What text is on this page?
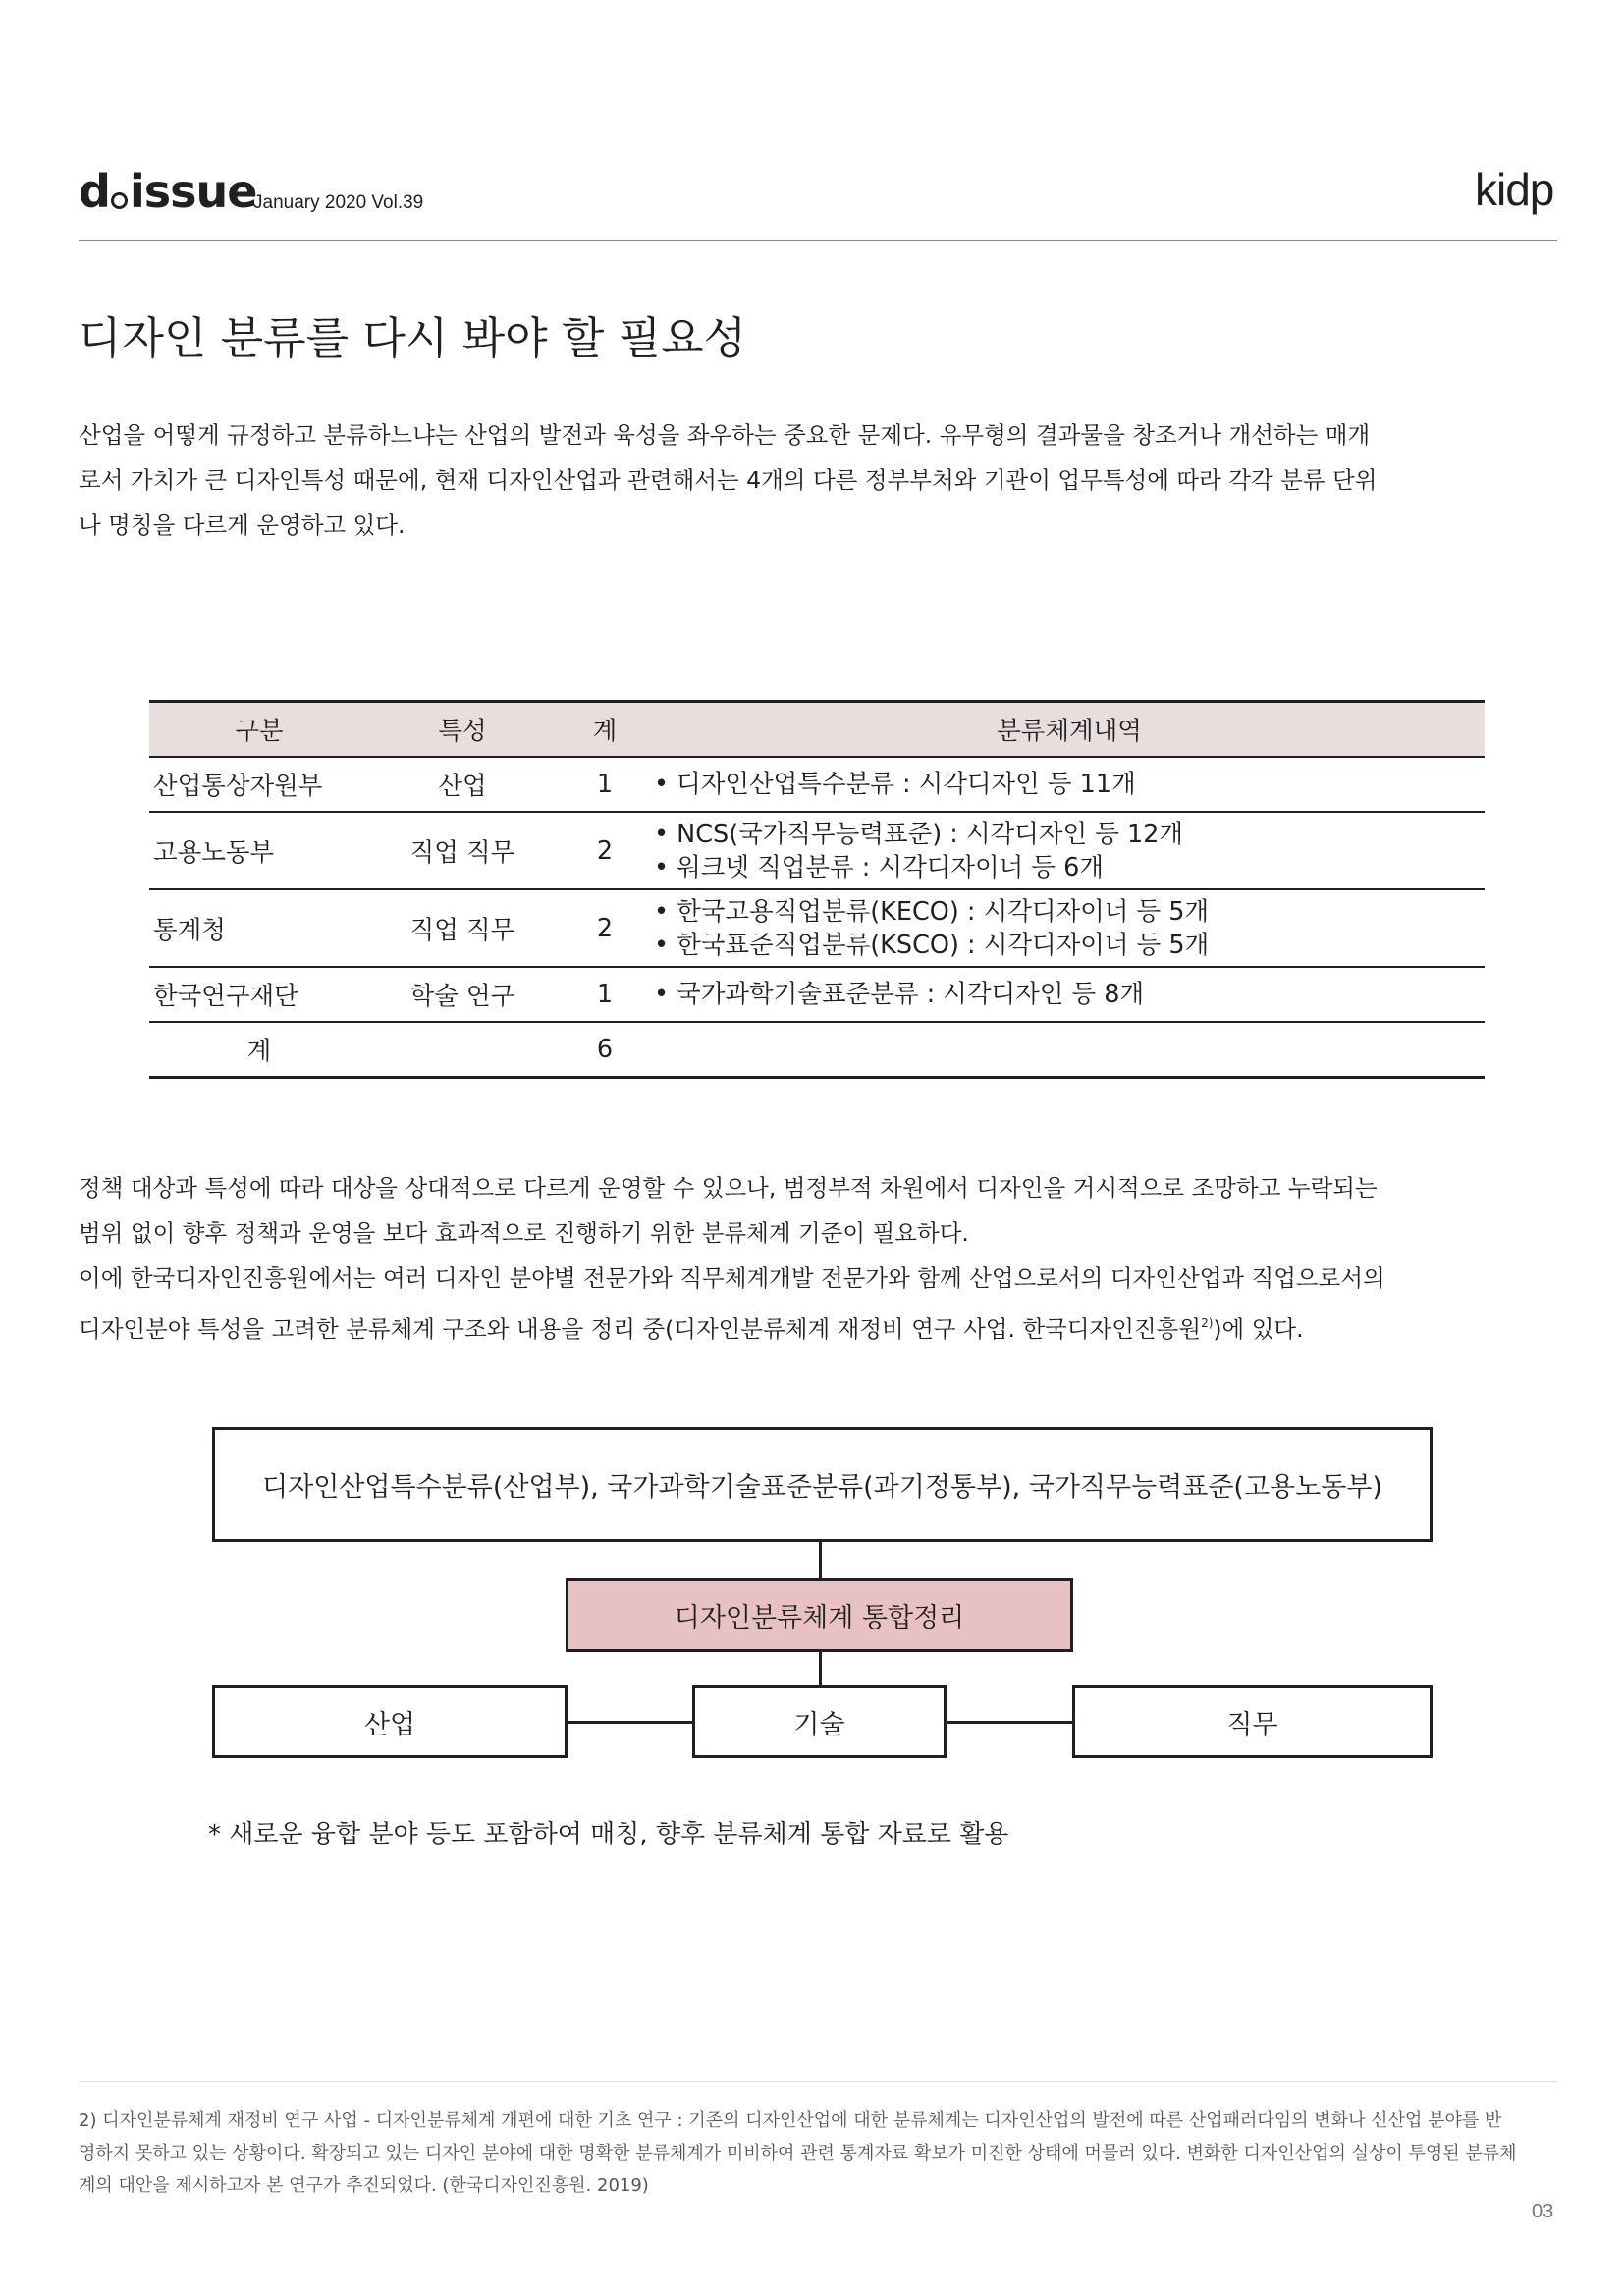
d issue
January 2020 Vol.39	kidp
디자인 분류를 다시 봐야 할 필요성

산업을 어떻게 규정하고 분류하느냐는 산업의 발전과 육성을 좌우하는 중요한 문제다. 유무형의 결과물을 창조거나 개선하는 매개

로서 가치가 큰 디자인특성 때문에, 현재 디자인산업과 관련해서는 4개의 다른 정부부처와 기관이 업무특성에 따라 각각 분류 단위

나 명칭을 다르게 운영하고 있다.

구분	특성	계	분류체계내역
산업통상자원부	산업	1	• 디자인산업특수분류 : 시각디자인 등 11개

고용노동부	직업 직무	2	• NCS(국가직무능력표준) : 시각디자인 등 12개
• 워크넷 직업분류 : 시각디자이너 등 6개

통계청	직업 직무	2	• 한국고용직업분류(KECO) : 시각디자이너 등 5개
• 한국표준직업분류(KSCO) : 시각디자이너 등 5개

한국연구재단	학술 연구	1	• 국가과학기술표준분류 : 시각디자인 등 8개

계		6	

정책 대상과 특성에 따라 대상을 상대적으로 다르게 운영할 수 있으나, 범정부적 차원에서 디자인을 거시적으로 조망하고 누락되는

범위 없이 향후 정책과 운영을 보다 효과적으로 진행하기 위한 분류체계 기준이 필요하다.

이에 한국디자인진흥원에서는 여러 디자인 분야별 전문가와 직무체계개발 전문가와 함께 산업으로서의 디자인산업과 직업으로서의

디자인분야 특성을 고려한 분류체계 구조와 내용을 정리 중(디자인분류체계 재정비 연구 사업. 한국디자인진흥원$^{2)}$)에 있다.

디자인산업특수분류(산업부), 국가과학기술표준분류(과기정통부), 국가직무능력표준(고용노동부)
디자인분류체계 통합정리
산업	기술	직무
* 새로운 융합 분야 등도 포함하여 매칭, 향후 분류체계 통합 자료로 활용

2) 디자인분류체계 재정비 연구 사업 - 디자인분류체계 개편에 대한 기초 연구 : 기존의 디자인산업에 대한 분류체계는 디자인산업의 발전에 따른 산업패러다임의 변화나 신산업 분야를 반

영하지 못하고 있는 상황이다. 확장되고 있는 디자인 분야에 대한 명확한 분류체계가 미비하여 관련 통계자료 확보가 미진한 상태에 머물러 있다. 변화한 디자인산업의 실상이 투영된 분류체

계의 대안을 제시하고자 본 연구가 추진되었다. (한국디자인진흥원. 2019)

03
